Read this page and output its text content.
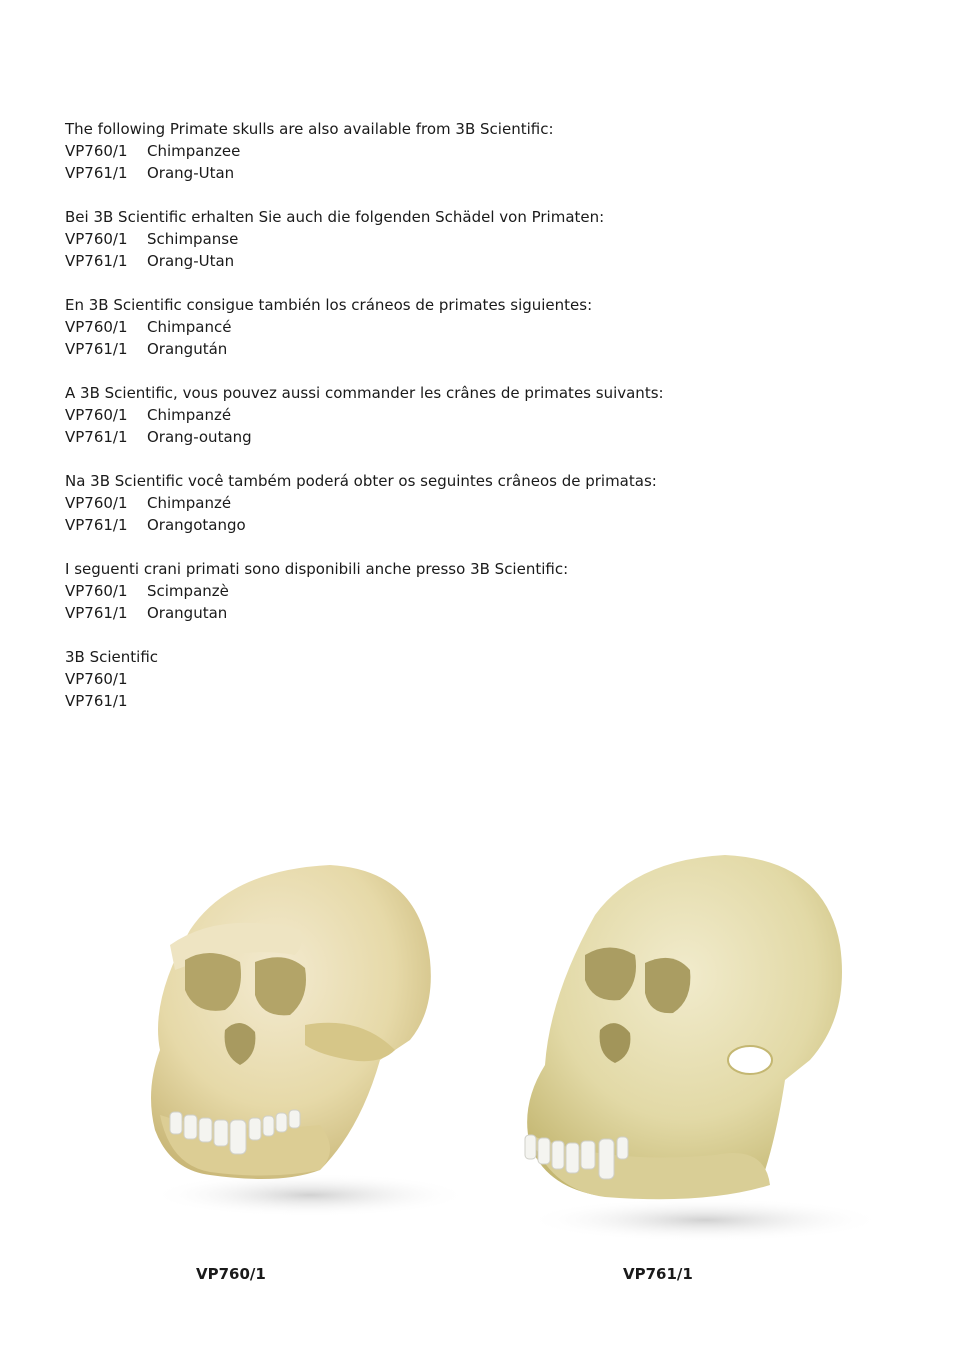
The following Primate skulls are also available from 3B Scientific:
VP760/1 Chimpanzee
VP761/1 Orang-Utan
Bei 3B Scientific erhalten Sie auch die folgenden Schädel von Primaten:
VP760/1 Schimpanse
VP761/1 Orang-Utan
En 3B Scientific consigue también los cráneos de primates siguientes:
VP760/1 Chimpancé
VP761/1 Orangután
A 3B Scientific, vous pouvez aussi commander les crânes de primates suivants:
VP760/1 Chimpanzé
VP761/1 Orang-outang
Na 3B Scientific você também poderá obter os seguintes crâneos de primatas:
VP760/1 Chimpanzé
VP761/1 Orangotango
I seguenti crani primati sono disponibili anche presso 3B Scientific:
VP760/1 Scimpanzè
VP761/1 Orangutan
3B Scientific
VP760/1
VP761/1
VP760/1	VP761/1
